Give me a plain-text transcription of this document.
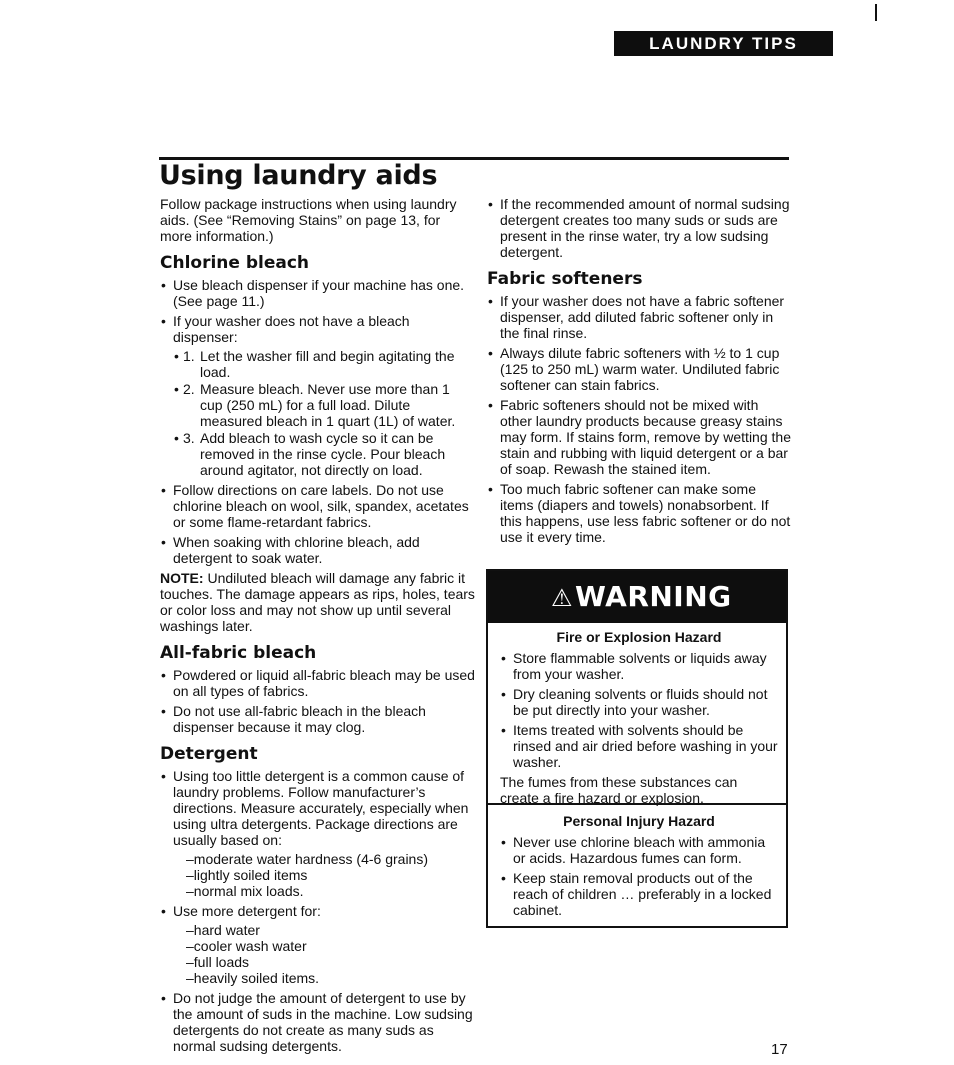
LAUNDRY TIPS
Using laundry aids

Follow package instructions when using laundry aids. (See “Removing Stains” on page 13, for more information.)

Chlorine bleach
• Use bleach dispenser if your machine has one. (See page 11.)
• If your washer does not have a bleach dispenser:
• 1. Let the washer fill and begin agitating the load.
• 2. Measure bleach. Never use more than 1 cup (250 mL) for a full load. Dilute measured bleach in 1 quart (1L) of water.
• 3. Add bleach to wash cycle so it can be removed in the rinse cycle. Pour bleach around agitator, not directly on load.
• Follow directions on care labels. Do not use chlorine bleach on wool, silk, spandex, acetates or some flame-retardant fabrics.
• When soaking with chlorine bleach, add detergent to soak water.

NOTE: Undiluted bleach will damage any fabric it touches. The damage appears as rips, holes, tears or color loss and may not show up until several washings later.

All-fabric bleach
• Powdered or liquid all-fabric bleach may be used on all types of fabrics.
• Do not use all-fabric bleach in the bleach dispenser because it may clog.
Detergent
• Using too little detergent is a common cause of laundry problems. Follow manufacturer’s directions. Measure accurately, especially when using ultra detergents. Package directions are usually based on:
–moderate water hardness (4-6 grains)
–lightly soiled items
–normal mix loads.
• Use more detergent for:
–hard water
–cooler wash water
–full loads
–heavily soiled items.
• Do not judge the amount of detergent to use by the amount of suds in the machine. Low sudsing detergents do not create as many suds as normal sudsing detergents.
• If the recommended amount of normal sudsing detergent creates too many suds or suds are present in the rinse water, try a low sudsing detergent.
Fabric softeners
• If your washer does not have a fabric softener dispenser, add diluted fabric softener only in the final rinse.
• Always dilute fabric softeners with ½ to 1 cup (125 to 250 mL) warm water. Undiluted fabric softener can stain fabrics.
• Fabric softeners should not be mixed with other laundry products because greasy stains may form. If stains form, remove by wetting the stain and rubbing with liquid detergent or a bar of soap. Rewash the stained item.
• Too much fabric softener can make some items (diapers and towels) nonabsorbent. If this happens, use less fabric softener or do not use it every time.
⚠WARNING
Fire or Explosion Hazard
• Store flammable solvents or liquids away from your washer.
• Dry cleaning solvents or fluids should not be put directly into your washer.
• Items treated with solvents should be rinsed and air dried before washing in your washer.

The fumes from these substances can create a fire hazard or explosion.

Personal Injury Hazard
• Never use chlorine bleach with ammonia or acids. Hazardous fumes can form.
• Keep stain removal products out of the reach of children … preferably in a locked cabinet.
17
